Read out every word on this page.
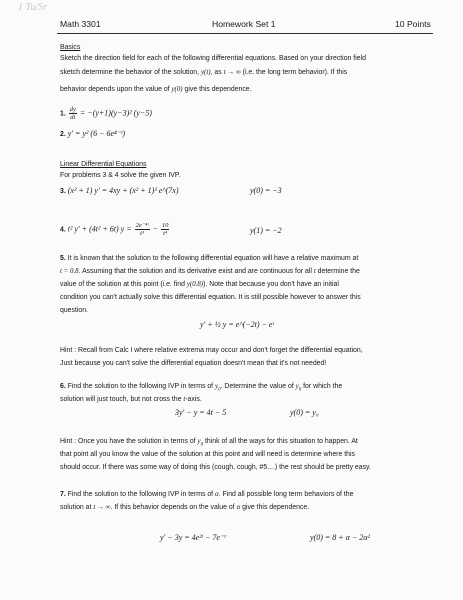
1 Tu/Sr
Math 3301	Homework Set 1	10 Points
Basics
Sketch the direction field for each of the following differential equations. Based on your direction field
sketch determine the behavior of the solution, y(t), as t → ∞ (i.e. the long term behavior). If this
behavior depends upon the value of y(0) give this dependence.
1. $\frac{dy}{dt} = -(y+1)(y-3)^2$ (y−5)
2. y′ = y² (6 − 6e⁴⁻ᵗ)
Linear Differential Equations
For problems 3 & 4 solve the given IVP.
3. (x² + 1) y′ = 4xy + (x² + 1)³ e^(7x)	y(0) = −3
4. t² y′ + (4t² + 6t) $y = \frac{\text{2e⁻⁴ᵗ}}{\text{t³}} - \frac{10}{\text{t⁴}}$	y(1) = −2
5. It is known that the solution to the following differential equation will have a relative maximum at
t = 0.8. Assuming that the solution and its derivative exist and are continuous for all t determine the
value of the solution at this point (i.e. find y(0.8)). Note that because you don't have an initial
condition you can't actually solve this differential equation. It is still possible however to answer this
question.
y′ + ½ y = e^(−2t) − eᵗ
Hint : Recall from Calc I where relative extrema may occur and don't forget the differential equation,
Just because you can't solve the differential equation doesn't mean that it's not needed!
6. Find the solution to the following IVP in terms of $y_0$. Determine the value of $y_0$ for which the
solution will just touch, but not cross the t-axis.
3y′ − y = 4t − 5	y(0) = y₀
Hint : Once you have the solution in terms of $y_0$ think of all the ways for this situation to happen. At
that point all you know the value of the solution at this point and will need is determine where this
should occur. If there was some way of doing this (cough, cough, #5....) the rest should be pretty easy.
7. Find the solution to the following IVP in terms of α. Find all possible long term behaviors of the
solution at t → ∞. If this behavior depends on the value of α give this dependence.
y′ − 3y = 4e²ᵗ − 7e⁻ᵗ	y(0) = 8 + α − 2α²
